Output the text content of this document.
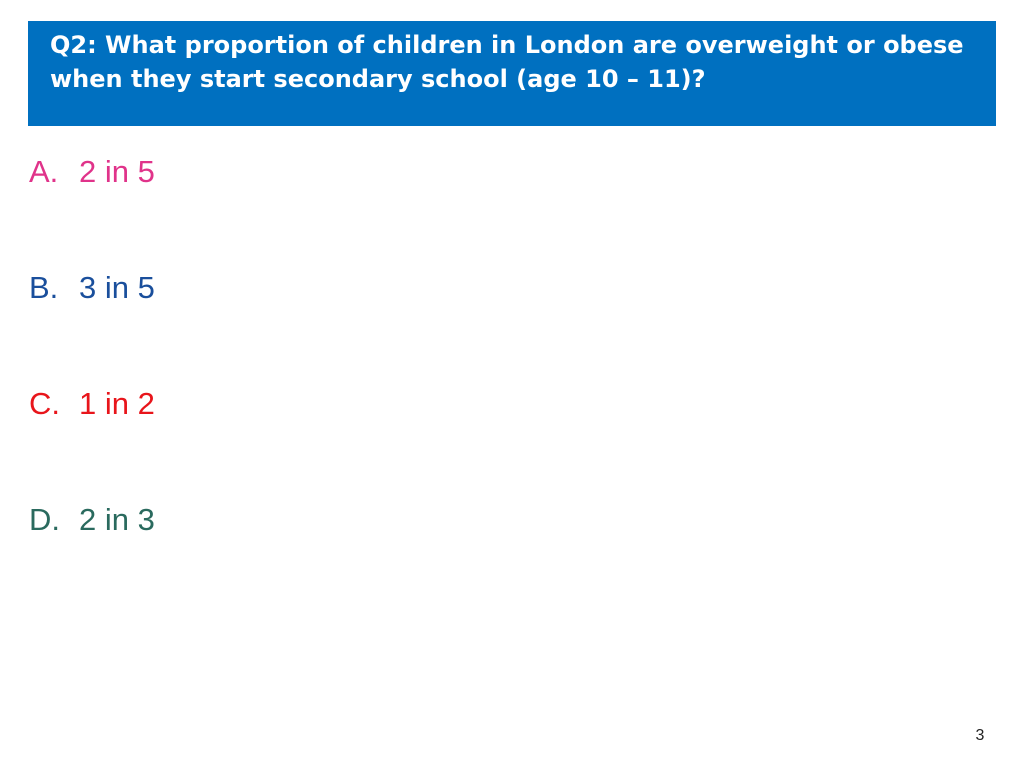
Q2: What proportion of children in London are overweight or obese when they start secondary school (age 10 – 11)?

A. 2 in 5
B. 3 in 5
C. 1 in 2
D. 2 in 3
3
